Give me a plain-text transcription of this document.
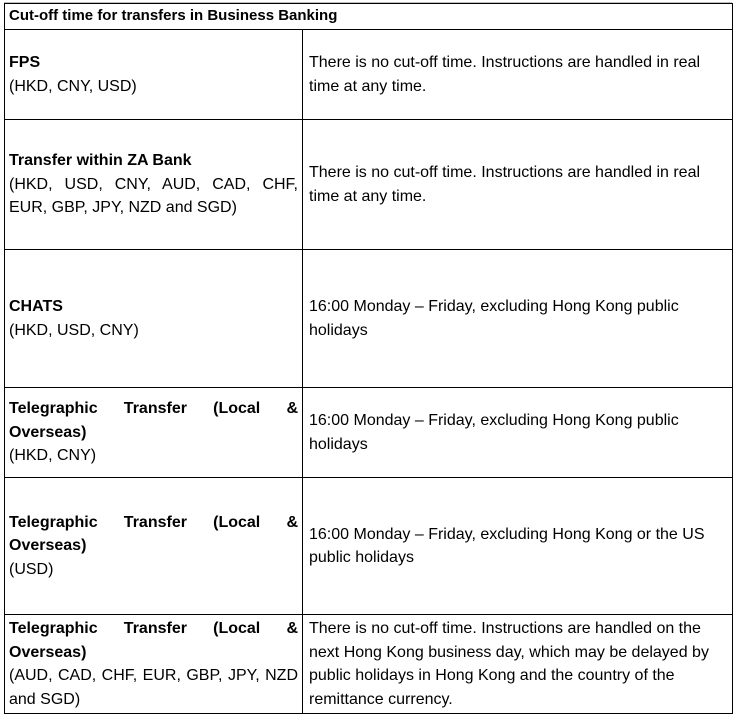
Cut-off time for transfers in Business Banking	

FPS
(HKD, CNY, USD)	There is no cut-off time. Instructions are handled in real time at any time.

Transfer within ZA Bank
(HKD, USD, CNY, AUD, CAD, CHF, EUR, GBP, JPY, NZD and SGD)	There is no cut-off time. Instructions are handled in real time at any time.

CHATS
(HKD, USD, CNY)	16:00 Monday – Friday, excluding Hong Kong public holidays

Telegraphic Transfer (Local & Overseas)
(HKD, CNY)	16:00 Monday – Friday, excluding Hong Kong public holidays

Telegraphic Transfer (Local & Overseas)
(USD)	16:00 Monday – Friday, excluding Hong Kong or the US public holidays

Telegraphic Transfer (Local & Overseas)
(AUD, CAD, CHF, EUR, GBP, JPY, NZD and SGD)	There is no cut-off time. Instructions are handled on the next Hong Kong business day, which may be delayed by public holidays in Hong Kong and the country of the remittance currency.
